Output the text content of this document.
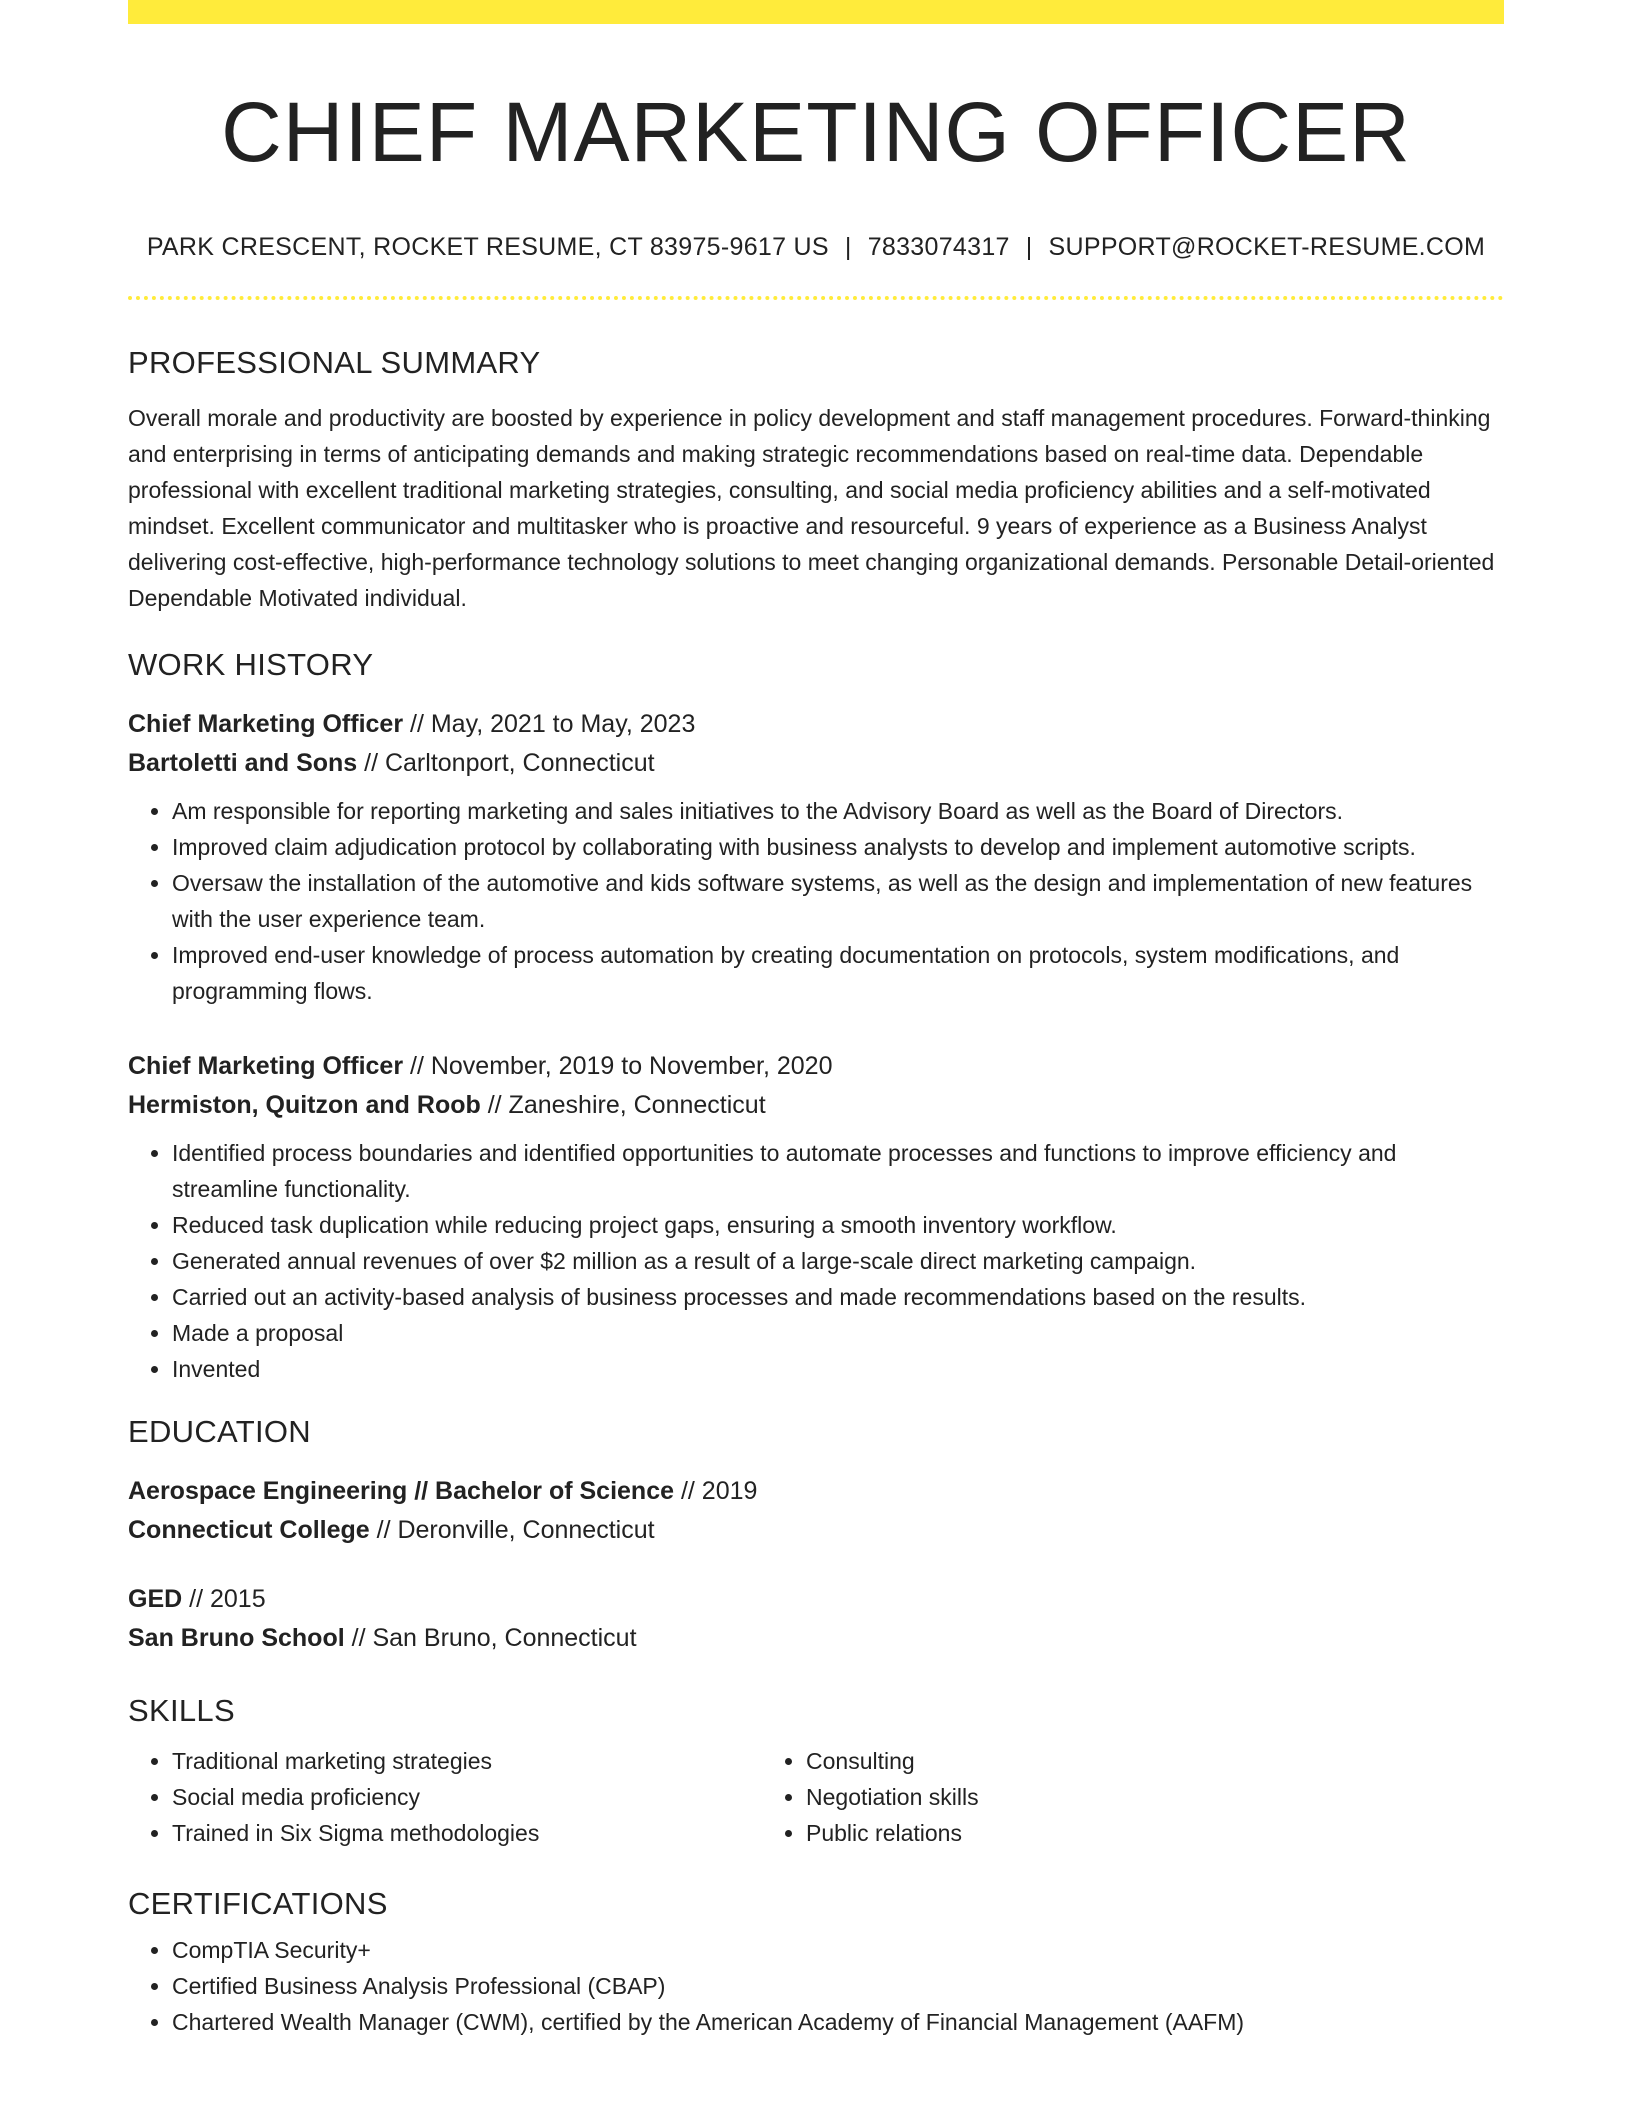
CHIEF MARKETING OFFICER
PARK CRESCENT, ROCKET RESUME, CT 83975-9617 US | 7833074317 | SUPPORT@ROCKET-RESUME.COM
PROFESSIONAL SUMMARY

Overall morale and productivity are boosted by experience in policy development and staff management procedures. Forward-thinking and enterprising in terms of anticipating demands and making strategic recommendations based on real-time data. Dependable professional with excellent traditional marketing strategies, consulting, and social media proficiency abilities and a self-motivated mindset. Excellent communicator and multitasker who is proactive and resourceful. 9 years of experience as a Business Analyst delivering cost-effective, high-performance technology solutions to meet changing organizational demands. Personable Detail-oriented Dependable Motivated individual.

WORK HISTORY

Chief Marketing Officer // May, 2021 to May, 2023

Bartoletti and Sons // Carltonport, Connecticut

• Am responsible for reporting marketing and sales initiatives to the Advisory Board as well as the Board of Directors.
• Improved claim adjudication protocol by collaborating with business analysts to develop and implement automotive scripts.
• Oversaw the installation of the automotive and kids software systems, as well as the design and implementation of new features with the user experience team.
• Improved end-user knowledge of process automation by creating documentation on protocols, system modifications, and programming flows.

Chief Marketing Officer // November, 2019 to November, 2020

Hermiston, Quitzon and Roob // Zaneshire, Connecticut

• Identified process boundaries and identified opportunities to automate processes and functions to improve efficiency and streamline functionality.
• Reduced task duplication while reducing project gaps, ensuring a smooth inventory workflow.
• Generated annual revenues of over $2 million as a result of a large-scale direct marketing campaign.
• Carried out an activity-based analysis of business processes and made recommendations based on the results.
• Made a proposal
• Invented
EDUCATION

Aerospace Engineering // Bachelor of Science // 2019

Connecticut College // Deronville, Connecticut

GED // 2015

San Bruno School // San Bruno, Connecticut

SKILLS
• Traditional marketing strategies
• Social media proficiency
• Trained in Six Sigma methodologies
• Consulting
• Negotiation skills
• Public relations
CERTIFICATIONS
• CompTIA Security+
• Certified Business Analysis Professional (CBAP)
• Chartered Wealth Manager (CWM), certified by the American Academy of Financial Management (AAFM)
